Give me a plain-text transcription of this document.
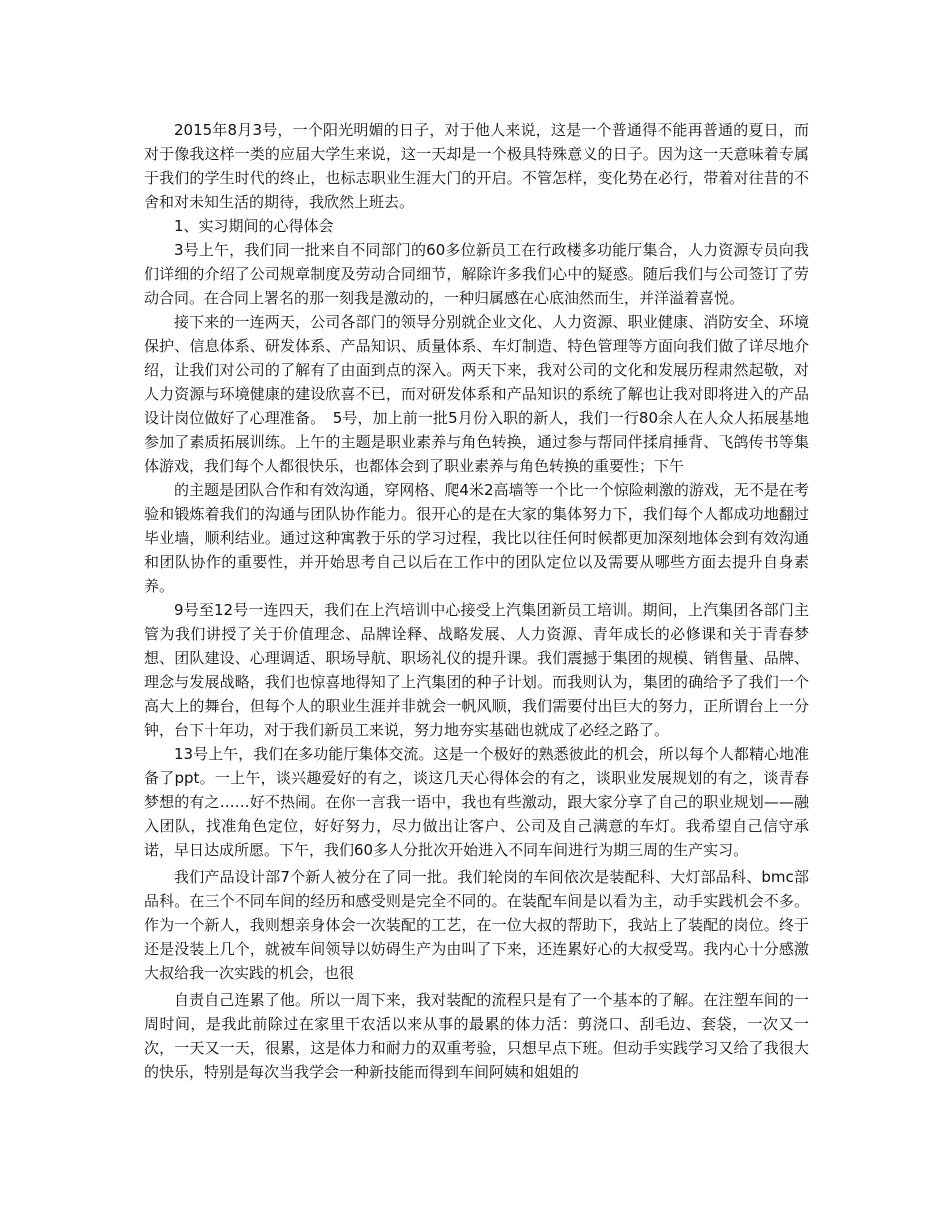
2015年8月3号，一个阳光明媚的日子，对于他人来说，这是一个普通得不能再普通的夏日，而对于像我这样一类的应届大学生来说，这一天却是一个极具特殊意义的日子。因为这一天意味着专属于我们的学生时代的终止，也标志职业生涯大门的开启。不管怎样，变化势在必行，带着对往昔的不舍和对未知生活的期待，我欣然上班去。

1、实习期间的心得体会

3号上午，我们同一批来自不同部门的60多位新员工在行政楼多功能厅集合，人力资源专员向我们详细的介绍了公司规章制度及劳动合同细节，解除许多我们心中的疑惑。随后我们与公司签订了劳动合同。在合同上署名的那一刻我是激动的，一种归属感在心底油然而生，并洋溢着喜悦。

接下来的一连两天，公司各部门的领导分别就企业文化、人力资源、职业健康、消防安全、环境保护、信息体系、研发体系、产品知识、质量体系、车灯制造、特色管理等方面向我们做了详尽地介绍，让我们对公司的了解有了由面到点的深入。两天下来，我对公司的文化和发展历程肃然起敬，对人力资源与环境健康的建设欣喜不已，而对研发体系和产品知识的系统了解也让我对即将进入的产品设计岗位做好了心理准备。　5号，加上前一批5月份入职的新人，我们一行80余人在人众人拓展基地参加了素质拓展训练。上午的主题是职业素养与角色转换，通过参与帮同伴揉肩捶背、飞鸽传书等集体游戏，我们每个人都很快乐，也都体会到了职业素养与角色转换的重要性；下午

的主题是团队合作和有效沟通，穿网格、爬4米2高墙等一个比一个惊险刺激的游戏，无不是在考验和锻炼着我们的沟通与团队协作能力。很开心的是在大家的集体努力下，我们每个人都成功地翻过毕业墙，顺利结业。通过这种寓教于乐的学习过程，我比以往任何时候都更加深刻地体会到有效沟通和团队协作的重要性，并开始思考自己以后在工作中的团队定位以及需要从哪些方面去提升自身素养。

9号至12号一连四天，我们在上汽培训中心接受上汽集团新员工培训。期间，上汽集团各部门主管为我们讲授了关于价值理念、品牌诠释、战略发展、人力资源、青年成长的必修课和关于青春梦想、团队建设、心理调适、职场导航、职场礼仪的提升课。我们震撼于集团的规模、销售量、品牌、理念与发展战略，我们也惊喜地得知了上汽集团的种子计划。而我则认为，集团的确给予了我们一个高大上的舞台，但每个人的职业生涯并非就会一帆风顺，我们需要付出巨大的努力，正所谓台上一分钟，台下十年功，对于我们新员工来说，努力地夯实基础也就成了必经之路了。

13号上午，我们在多功能厅集体交流。这是一个极好的熟悉彼此的机会，所以每个人都精心地准备了ppt。一上午，谈兴趣爱好的有之，谈这几天心得体会的有之，谈职业发展规划的有之，谈青春梦想的有之……好不热闹。在你一言我一语中，我也有些激动，跟大家分享了自己的职业规划——融入团队，找准角色定位，好好努力，尽力做出让客户、公司及自己满意的车灯。我希望自己信守承诺，早日达成所愿。下午，我们60多人分批次开始进入不同车间进行为期三周的生产实习。

我们产品设计部7个新人被分在了同一批。我们轮岗的车间依次是装配科、大灯部品科、bmc部品科。在三个不同车间的经历和感受则是完全不同的。在装配车间是以看为主，动手实践机会不多。作为一个新人，我则想亲身体会一次装配的工艺，在一位大叔的帮助下，我站上了装配的岗位。终于还是没装上几个，就被车间领导以妨碍生产为由叫了下来，还连累好心的大叔受骂。我内心十分感激大叔给我一次实践的机会，也很

自责自己连累了他。所以一周下来，我对装配的流程只是有了一个基本的了解。在注塑车间的一周时间，是我此前除过在家里干农活以来从事的最累的体力活：剪浇口、刮毛边、套袋，一次又一次，一天又一天，很累，这是体力和耐力的双重考验，只想早点下班。但动手实践学习又给了我很大的快乐，特别是每次当我学会一种新技能而得到车间阿姨和姐姐的
